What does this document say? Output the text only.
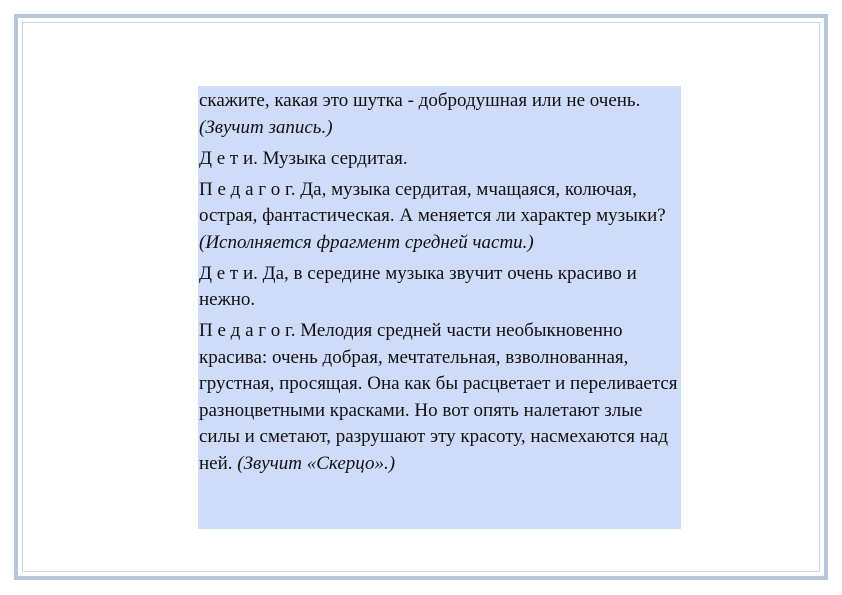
скажите, какая это шутка - добродушная или не очень. (Звучит запись.)

Д е т и. Музыка сердитая.

П е д а г о г. Да, музыка сердитая, мчащаяся, колючая, острая, фантастическая. А меняется ли характер музыки? (Исполняется фрагмент средней части.)

Д е т и. Да, в середине музыка звучит очень красиво и нежно.

П е д а г о г. Мелодия средней части необыкновенно красива: очень добрая, мечтательная, взволнованная, грустная, просящая. Она как бы расцветает и переливается разноцветными красками. Но вот опять налетают злые силы и сметают, разрушают эту красоту, насмехаются над ней. (Звучит «Скерцо».)
